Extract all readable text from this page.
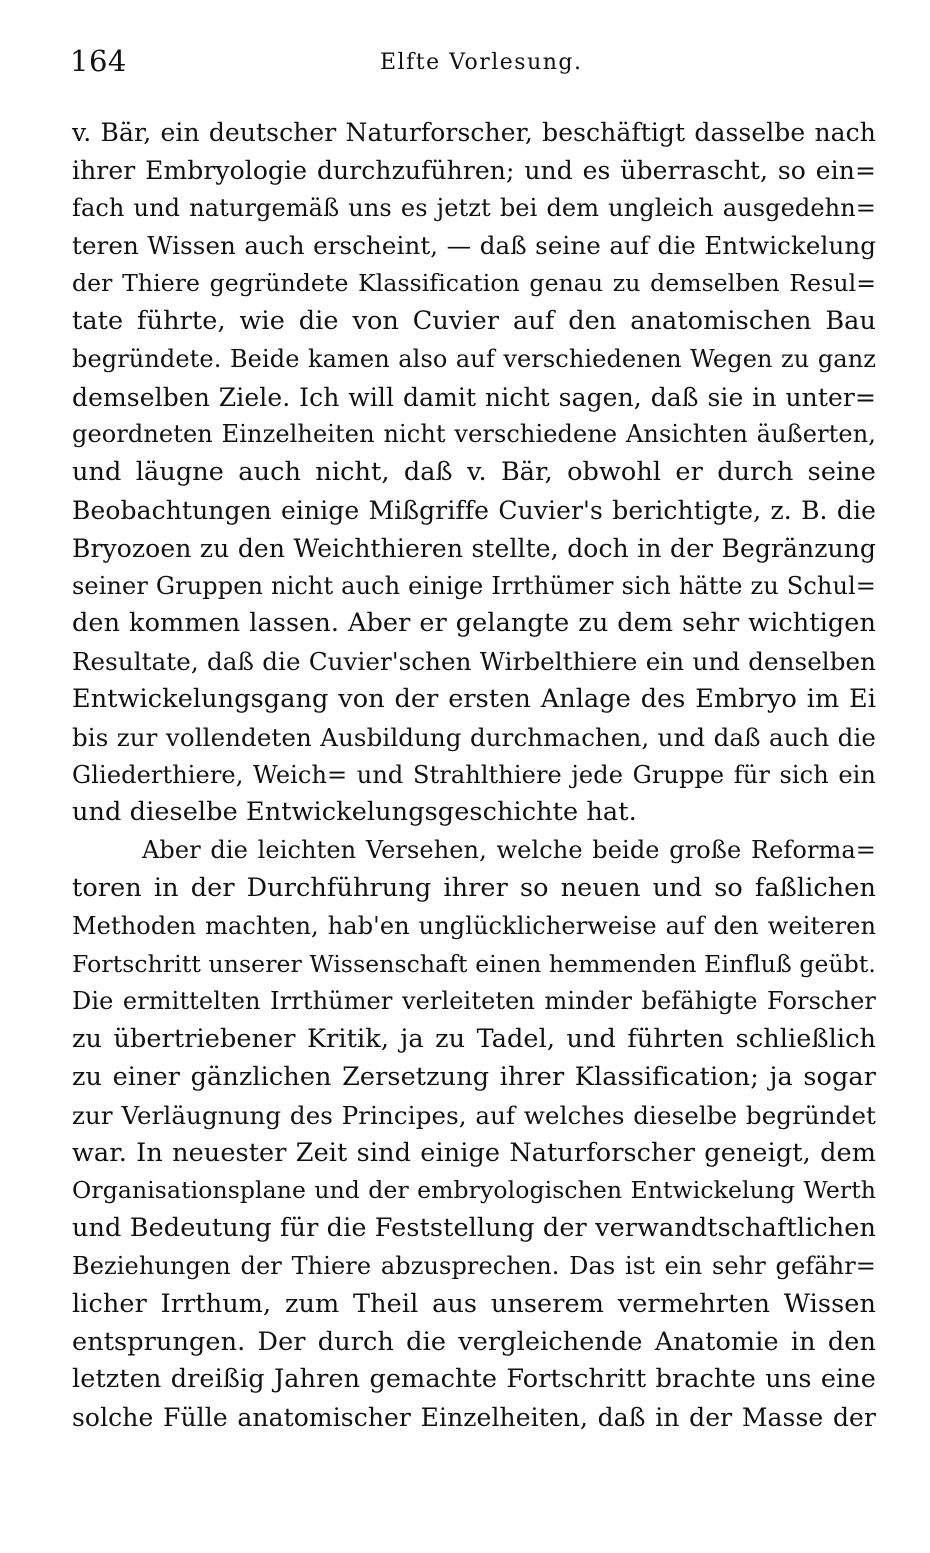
164	Elfte Vorlesung.
v. Bär, ein deutscher Naturforscher, beschäftigt dasselbe nach
ihrer Embryologie durchzuführen; und es überrascht, so ein=
fach und naturgemäß uns es jetzt bei dem ungleich ausgedehn=
teren Wissen auch erscheint, — daß seine auf die Entwickelung
der Thiere gegründete Klassification genau zu demselben Resul=
tate führte, wie die von Cuvier auf den anatomischen Bau
begründete. Beide kamen also auf verschiedenen Wegen zu ganz
demselben Ziele. Ich will damit nicht sagen, daß sie in unter=
geordneten Einzelheiten nicht verschiedene Ansichten äußerten,
und läugne auch nicht, daß v. Bär, obwohl er durch seine
Beobachtungen einige Mißgriffe Cuvier's berichtigte, z. B. die
Bryozoen zu den Weichthieren stellte, doch in der Begränzung
seiner Gruppen nicht auch einige Irrthümer sich hätte zu Schul=
den kommen lassen. Aber er gelangte zu dem sehr wichtigen
Resultate, daß die Cuvier'schen Wirbelthiere ein und denselben
Entwickelungsgang von der ersten Anlage des Embryo im Ei
bis zur vollendeten Ausbildung durchmachen, und daß auch die
Gliederthiere, Weich= und Strahlthiere jede Gruppe für sich ein
und dieselbe Entwickelungsgeschichte hat.
Aber die leichten Versehen, welche beide große Reforma=
toren in der Durchführung ihrer so neuen und so faßlichen
Methoden machten, hab'en unglücklicherweise auf den weiteren
Fortschritt unserer Wissenschaft einen hemmenden Einfluß geübt.
Die ermittelten Irrthümer verleiteten minder befähigte Forscher
zu übertriebener Kritik, ja zu Tadel, und führten schließlich
zu einer gänzlichen Zersetzung ihrer Klassification; ja sogar
zur Verläugnung des Principes, auf welches dieselbe begründet
war. In neuester Zeit sind einige Naturforscher geneigt, dem
Organisationsplane und der embryologischen Entwickelung Werth
und Bedeutung für die Feststellung der verwandtschaftlichen
Beziehungen der Thiere abzusprechen. Das ist ein sehr gefähr=
licher Irrthum, zum Theil aus unserem vermehrten Wissen
entsprungen. Der durch die vergleichende Anatomie in den
letzten dreißig Jahren gemachte Fortschritt brachte uns eine
solche Fülle anatomischer Einzelheiten, daß in der Masse der
